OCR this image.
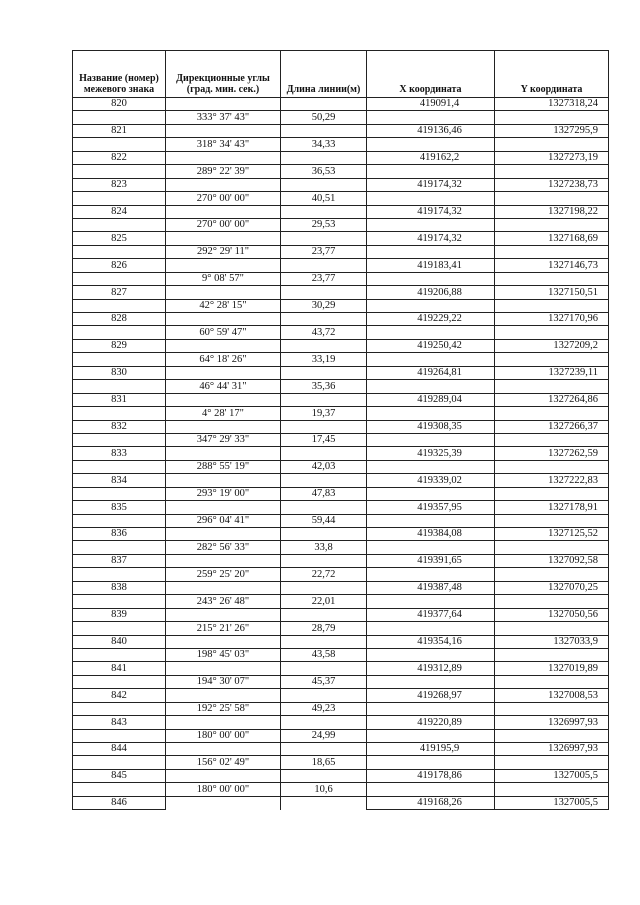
Название (номер) межевого знака	Дирекционные углы (град. мин. сек.)	Длина линии(м)	X координата	Y координата
820			419091,4	1327318,24
	333° 37' 43"	50,29		
821			419136,46	1327295,9
	318° 34' 43"	34,33		
822			419162,2	1327273,19
	289° 22' 39"	36,53		
823			419174,32	1327238,73
	270° 00' 00"	40,51		
824			419174,32	1327198,22
	270° 00' 00"	29,53		
825			419174,32	1327168,69
	292° 29' 11"	23,77		
826			419183,41	1327146,73
	9° 08' 57"	23,77		
827			419206,88	1327150,51
	42° 28' 15"	30,29		
828			419229,22	1327170,96
	60° 59' 47"	43,72		
829			419250,42	1327209,2
	64° 18' 26"	33,19		
830			419264,81	1327239,11
	46° 44' 31"	35,36		
831			419289,04	1327264,86
	4° 28' 17"	19,37		
832			419308,35	1327266,37
	347° 29' 33"	17,45		
833			419325,39	1327262,59
	288° 55' 19"	42,03		
834			419339,02	1327222,83
	293° 19' 00"	47,83		
835			419357,95	1327178,91
	296° 04' 41"	59,44		
836			419384,08	1327125,52
	282° 56' 33"	33,8		
837			419391,65	1327092,58
	259° 25' 20"	22,72		
838			419387,48	1327070,25
	243° 26' 48"	22,01		
839			419377,64	1327050,56
	215° 21' 26"	28,79		
840			419354,16	1327033,9
	198° 45' 03"	43,58		
841			419312,89	1327019,89
	194° 30' 07"	45,37		
842			419268,97	1327008,53
	192° 25' 58"	49,23		
843			419220,89	1326997,93
	180° 00' 00"	24,99		
844			419195,9	1326997,93
	156° 02' 49"	18,65		
845			419178,86	1327005,5
	180° 00' 00"	10,6		
846			419168,26	1327005,5
